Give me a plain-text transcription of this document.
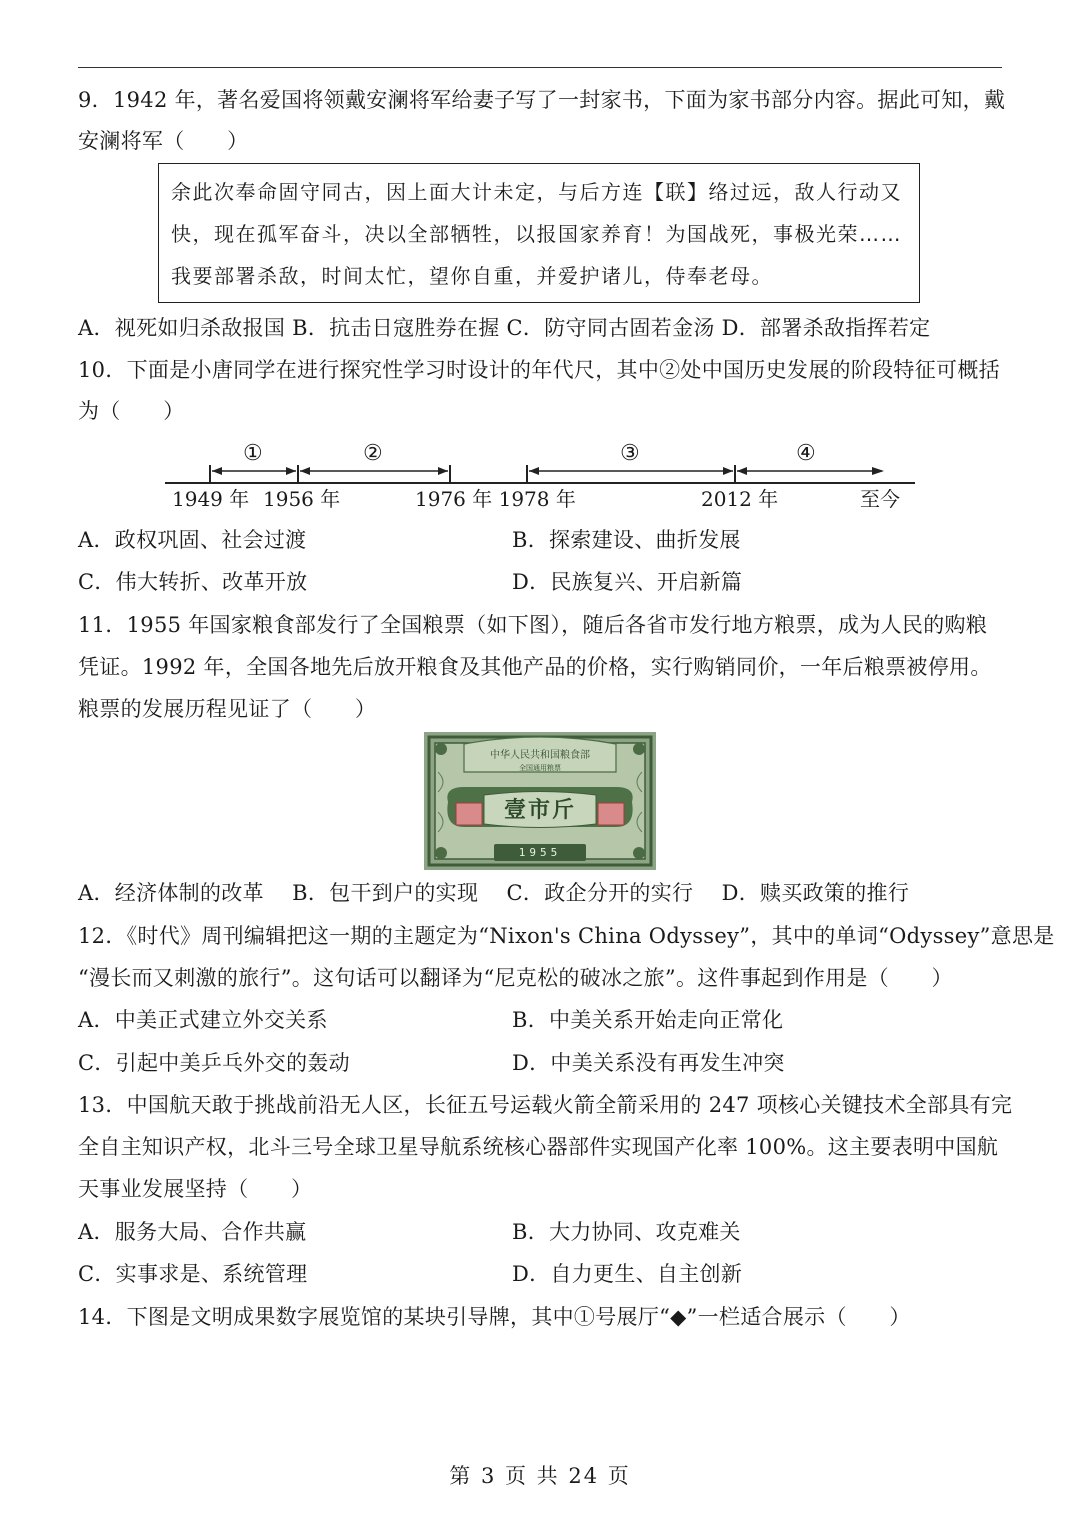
9．1942 年，著名爱国将领戴安澜将军给妻子写了一封家书，下面为家书部分内容。据此可知，戴
安澜将军（　　）
余此次奉命固守同古，因上面大计未定，与后方连【联】络过远，敌人行动又
快，现在孤军奋斗，决以全部牺牲，以报国家养育！为国战死，事极光荣……
我要部署杀敌，时间太忙，望你自重，并爱护诸儿，侍奉老母。
A．视死如归杀敌报国 B．抗击日寇胜券在握 C．防守同古固若金汤 D．部署杀敌指挥若定
10．下面是小唐同学在进行探究性学习时设计的年代尺，其中②处中国历史发展的阶段特征可概括
为（　　）
①	②	③	④
1949 年 1956 年	1976 年 1978 年	2012 年	至今
A．政权巩固、社会过渡	B．探索建设、曲折发展
C．伟大转折、改革开放	D．民族复兴、开启新篇
11．1955 年国家粮食部发行了全国粮票（如下图），随后各省市发行地方粮票，成为人民的购粮
凭证。1992 年，全国各地先后放开粮食及其他产品的价格，实行购销同价，一年后粮票被停用。
粮票的发展历程见证了（　　）
中华人民共和国粮食部
全国通用粮票
壹市斤
1955
A．经济体制的改革　 B．包干到户的实现　 C．政企分开的实行　 D．赎买政策的推行
12．《时代》周刊编辑把这一期的主题定为“Nixon's China Odyssey”，其中的单词“Odyssey”意思是
“漫长而又刺激的旅行”。这句话可以翻译为“尼克松的破冰之旅”。这件事起到作用是（　　）
A．中美正式建立外交关系	B．中美关系开始走向正常化
C．引起中美乒乓外交的轰动	D．中美关系没有再发生冲突
13．中国航天敢于挑战前沿无人区，长征五号运载火箭全箭采用的 247 项核心关键技术全部具有完
全自主知识产权，北斗三号全球卫星导航系统核心器部件实现国产化率 100%。这主要表明中国航
天事业发展坚持（　　）
A．服务大局、合作共赢	B．大力协同、攻克难关
C．实事求是、系统管理	D．自力更生、自主创新
14．下图是文明成果数字展览馆的某块引导牌，其中①号展厅“◆”一栏适合展示（　　）
第 3 页 共 24 页
